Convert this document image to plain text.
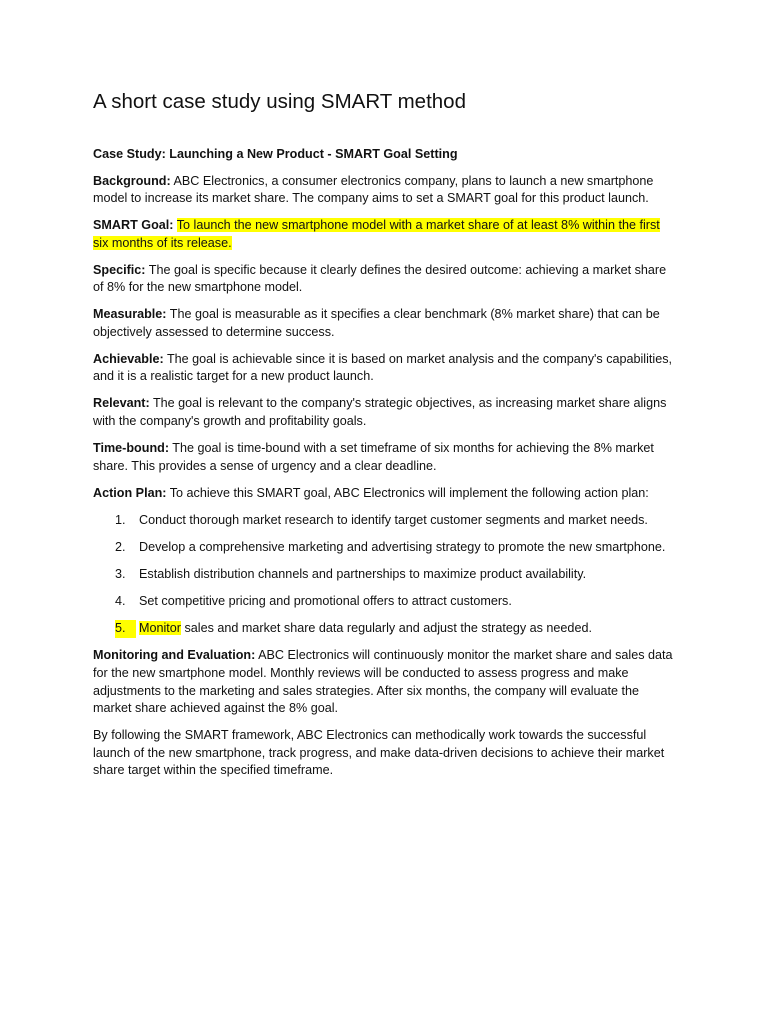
A short case study using SMART method
Case Study: Launching a New Product - SMART Goal Setting

Background: ABC Electronics, a consumer electronics company, plans to launch a new smartphone model to increase its market share. The company aims to set a SMART goal for this product launch.

SMART Goal: To launch the new smartphone model with a market share of at least 8% within the first six months of its release.

Specific: The goal is specific because it clearly defines the desired outcome: achieving a market share of 8% for the new smartphone model.

Measurable: The goal is measurable as it specifies a clear benchmark (8% market share) that can be objectively assessed to determine success.

Achievable: The goal is achievable since it is based on market analysis and the company's capabilities, and it is a realistic target for a new product launch.

Relevant: The goal is relevant to the company's strategic objectives, as increasing market share aligns with the company's growth and profitability goals.

Time-bound: The goal is time-bound with a set timeframe of six months for achieving the 8% market share. This provides a sense of urgency and a clear deadline.

Action Plan: To achieve this SMART goal, ABC Electronics will implement the following action plan:

1. Conduct thorough market research to identify target customer segments and market needs.
2. Develop a comprehensive marketing and advertising strategy to promote the new smartphone.
3. Establish distribution channels and partnerships to maximize product availability.
4. Set competitive pricing and promotional offers to attract customers.
5.	Monitor sales and market share data regularly and adjust the strategy as needed.

Monitoring and Evaluation: ABC Electronics will continuously monitor the market share and sales data for the new smartphone model. Monthly reviews will be conducted to assess progress and make adjustments to the marketing and sales strategies. After six months, the company will evaluate the market share achieved against the 8% goal.

By following the SMART framework, ABC Electronics can methodically work towards the successful launch of the new smartphone, track progress, and make data-driven decisions to achieve their market share target within the specified timeframe.
